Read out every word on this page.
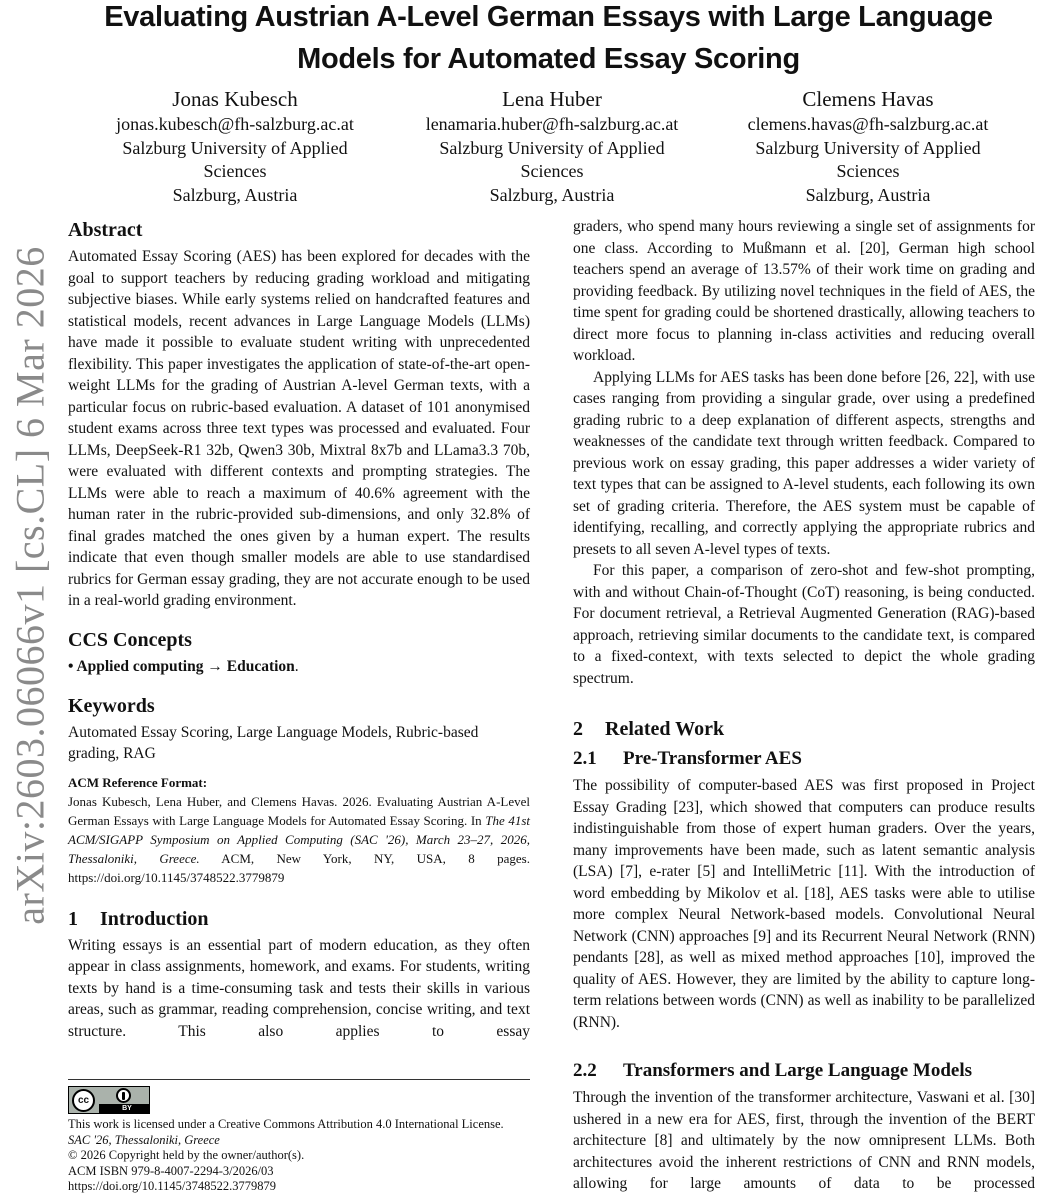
arXiv:2603.06066v1 [cs.CL] 6 Mar 2026
Evaluating Austrian A-Level German Essays with Large Language Models for Automated Essay Scoring
Jonas Kubesch
jonas.kubesch@fh-salzburg.ac.at
Salzburg University of Applied
Sciences
Salzburg, Austria
Lena Huber
lenamaria.huber@fh-salzburg.ac.at
Salzburg University of Applied
Sciences
Salzburg, Austria
Clemens Havas
clemens.havas@fh-salzburg.ac.at
Salzburg University of Applied
Sciences
Salzburg, Austria
Abstract

Automated Essay Scoring (AES) has been explored for decades with the goal to support teachers by reducing grading workload and mitigating subjective biases. While early systems relied on handcrafted features and statistical models, recent advances in Large Language Models (LLMs) have made it possible to evaluate student writing with unprecedented flexibility. This paper investigates the application of state-of-the-art open-weight LLMs for the grading of Austrian A-level German texts, with a particular focus on rubric-based evaluation. A dataset of 101 anonymised student exams across three text types was processed and evaluated. Four LLMs, DeepSeek-R1 32b, Qwen3 30b, Mixtral 8x7b and LLama3.3 70b, were evaluated with different contexts and prompting strategies. The LLMs were able to reach a maximum of 40.6% agreement with the human rater in the rubric-provided sub-dimensions, and only 32.8% of final grades matched the ones given by a human expert. The results indicate that even though smaller models are able to use standardised rubrics for German essay grading, they are not accurate enough to be used in a real-world grading environment.

CCS Concepts
• Applied computing → Education.
Keywords

Automated Essay Scoring, Large Language Models, Rubric-based grading, RAG

ACM Reference Format:

Jonas Kubesch, Lena Huber, and Clemens Havas. 2026. Evaluating Austrian A-Level German Essays with Large Language Models for Automated Essay Scoring. In The 41st ACM/SIGAPP Symposium on Applied Computing (SAC '26), March 23–27, 2026, Thessaloniki, Greece. ACM, New York, NY, USA, 8 pages. https://doi.org/10.1145/3748522.3779879

1 Introduction

Writing essays is an essential part of modern education, as they often appear in class assignments, homework, and exams. For students, writing texts by hand is a time-consuming task and tests their skills in various areas, such as grammar, reading comprehension, concise writing, and text structure. This also applies to essay

cc
BY
This work is licensed under a Creative Commons Attribution 4.0 International License.
SAC '26, Thessaloniki, Greece
© 2026 Copyright held by the owner/author(s).
ACM ISBN 979-8-4007-2294-3/2026/03
https://doi.org/10.1145/3748522.3779879

graders, who spend many hours reviewing a single set of assignments for one class. According to Mußmann et al. [20], German high school teachers spend an average of 13.57% of their work time on grading and providing feedback. By utilizing novel techniques in the field of AES, the time spent for grading could be shortened drastically, allowing teachers to direct more focus to planning in-class activities and reducing overall workload.

Applying LLMs for AES tasks has been done before [26, 22], with use cases ranging from providing a singular grade, over using a predefined grading rubric to a deep explanation of different aspects, strengths and weaknesses of the candidate text through written feedback. Compared to previous work on essay grading, this paper addresses a wider variety of text types that can be assigned to A-level students, each following its own set of grading criteria. Therefore, the AES system must be capable of identifying, recalling, and correctly applying the appropriate rubrics and presets to all seven A-level types of texts.

For this paper, a comparison of zero-shot and few-shot prompting, with and without Chain-of-Thought (CoT) reasoning, is being conducted. For document retrieval, a Retrieval Augmented Generation (RAG)-based approach, retrieving similar documents to the candidate text, is compared to a fixed-context, with texts selected to depict the whole grading spectrum.

2 Related Work
2.1 Pre-Transformer AES

The possibility of computer-based AES was first proposed in Project Essay Grading [23], which showed that computers can produce results indistinguishable from those of expert human graders. Over the years, many improvements have been made, such as latent semantic analysis (LSA) [7], e-rater [5] and IntelliMetric [11]. With the introduction of word embedding by Mikolov et al. [18], AES tasks were able to utilise more complex Neural Network-based models. Convolutional Neural Network (CNN) approaches [9] and its Recurrent Neural Network (RNN) pendants [28], as well as mixed method approaches [10], improved the quality of AES. However, they are limited by the ability to capture long-term relations between words (CNN) as well as inability to be parallelized (RNN).

2.2 Transformers and Large Language Models

Through the invention of the transformer architecture, Vaswani et al. [30] ushered in a new era for AES, first, through the invention of the BERT architecture [8] and ultimately by the now omnipresent LLMs. Both architectures avoid the inherent restrictions of CNN and RNN models, allowing for large amounts of data to be processed
